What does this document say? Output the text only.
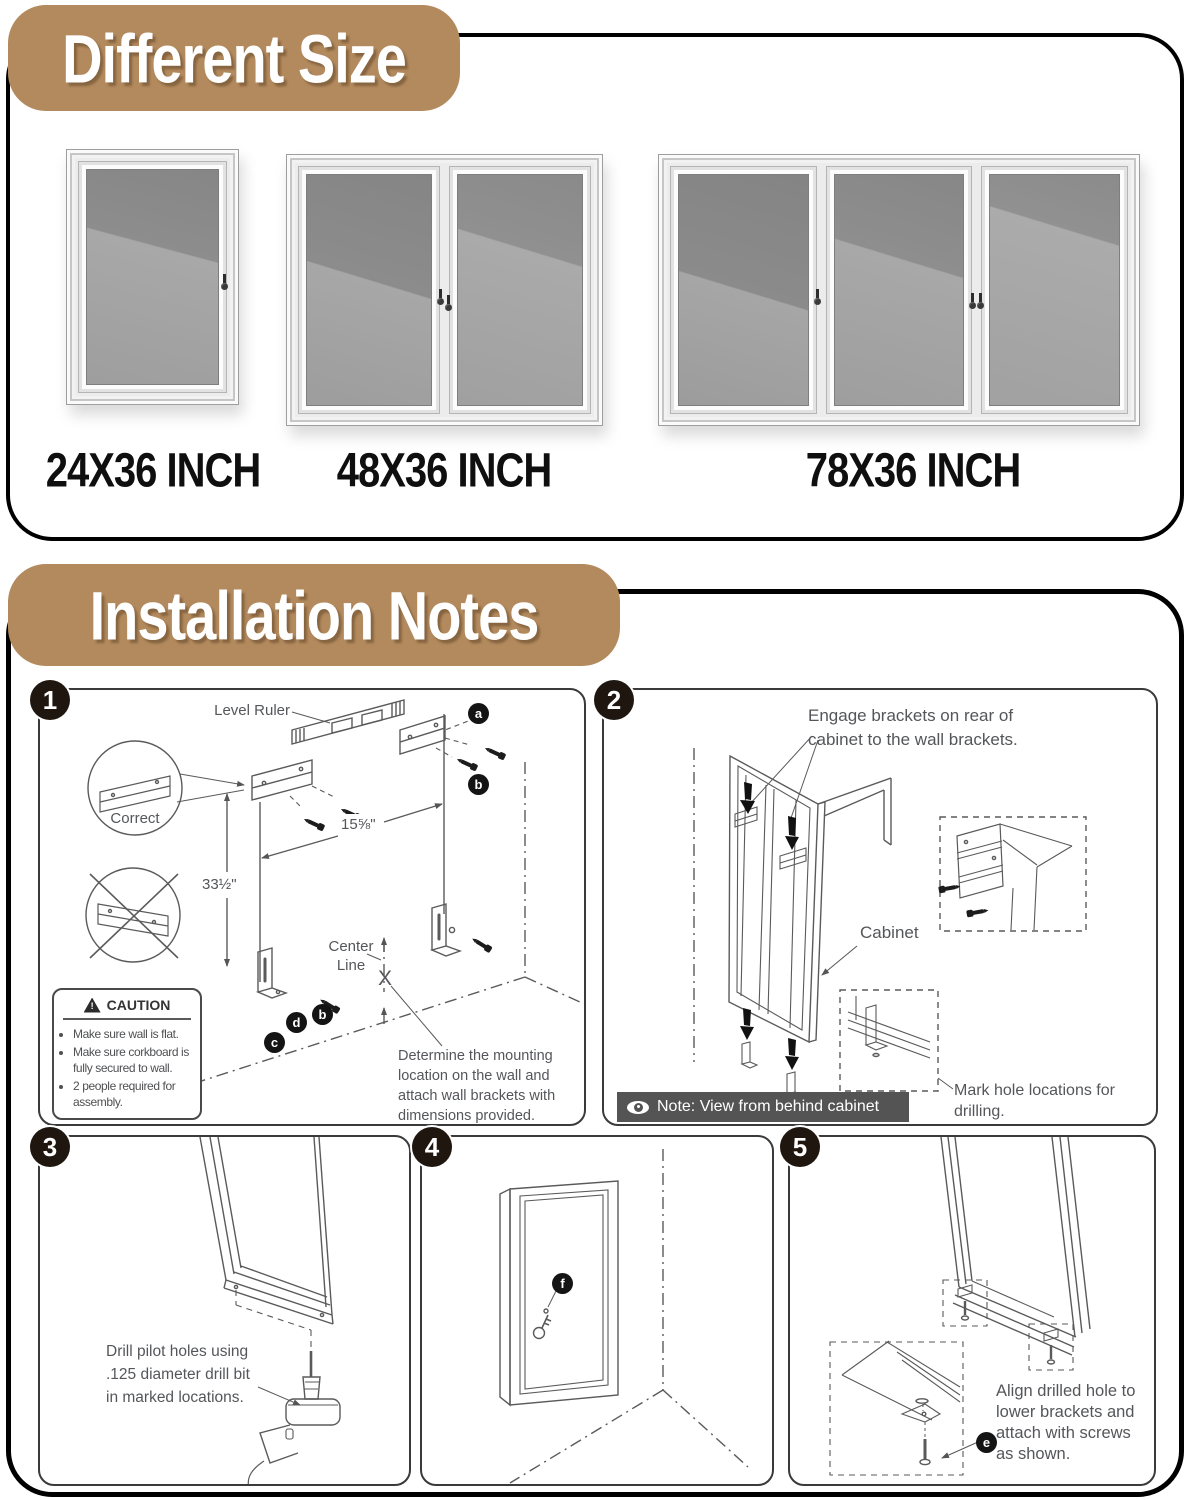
24X36 INCH 48X36 INCH	78X36 INCH
Different Size
Installation Notes
1	Level Ruler
Correct	15⅝"
33½"
Center Line
X
a
b
c
d
b
!
CAUTION
• Make sure wall is flat.
• Make sure corkboard is fully secured to wall.
• 2 people required for assembly.
Determine the mounting location on the wall and attach wall brackets with dimensions provided.
2
Engage brackets on rear of cabinet to the wall brackets.
Cabinet
Mark hole locations for drilling.
Note: View from behind cabinet
3
Drill pilot holes using
.125 diameter drill bit
in marked locations.
4
f
5
e
Align drilled hole to lower brackets and attach with screws as shown.
